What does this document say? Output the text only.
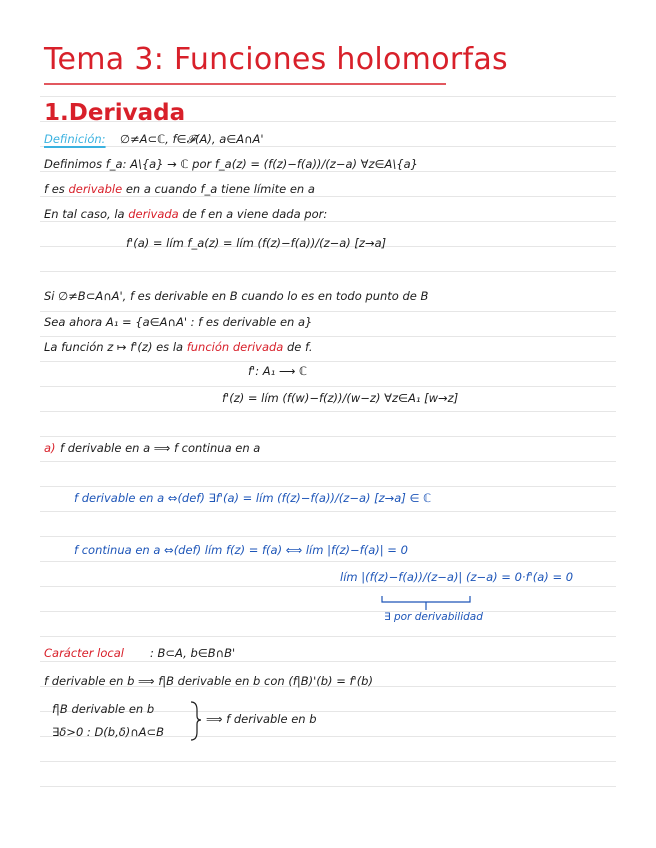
Tema 3: Funciones holomorfas
1.Derivada
Definición: ∅≠A⊂ℂ, f∈𝓕(A), a∈A∩A'
Definimos f_a: A\{a} → ℂ por f_a(z) = (f(z)−f(a))/(z−a) ∀z∈A\{a}
f es derivable en a cuando f_a tiene límite en a
En tal caso, la derivada de f en a viene dada por:
f'(a) = lím f_a(z) = lím (f(z)−f(a))/(z−a) [z→a]
Si ∅≠B⊂A∩A', f es derivable en B cuando lo es en todo punto de B
Sea ahora A₁ = {a∈A∩A' : f es derivable en a}
La función z ↦ f'(z) es la función derivada de f.
f': A₁ ⟶ ℂ
f'(z) = lím (f(w)−f(z))/(w−z) ∀z∈A₁ [w→z]
a) f derivable en a ⟹ f continua en a
f derivable en a ⇔(def) ∃f'(a) = lím (f(z)−f(a))/(z−a) [z→a] ∈ ℂ
f continua en a ⇔(def) lím f(z) = f(a) ⟺ lím |f(z)−f(a)| = 0
lím |(f(z)−f(a))/(z−a)| (z−a) = 0·f'(a) = 0
∃ por derivabilidad
Carácter local : B⊂A, b∈B∩B'
f derivable en b ⟹ f|B derivable en b con (f|B)'(b) = f'(b)
f|B derivable en b
∃δ>0 : D(b,δ)∩A⊂B
⟹ f derivable en b
